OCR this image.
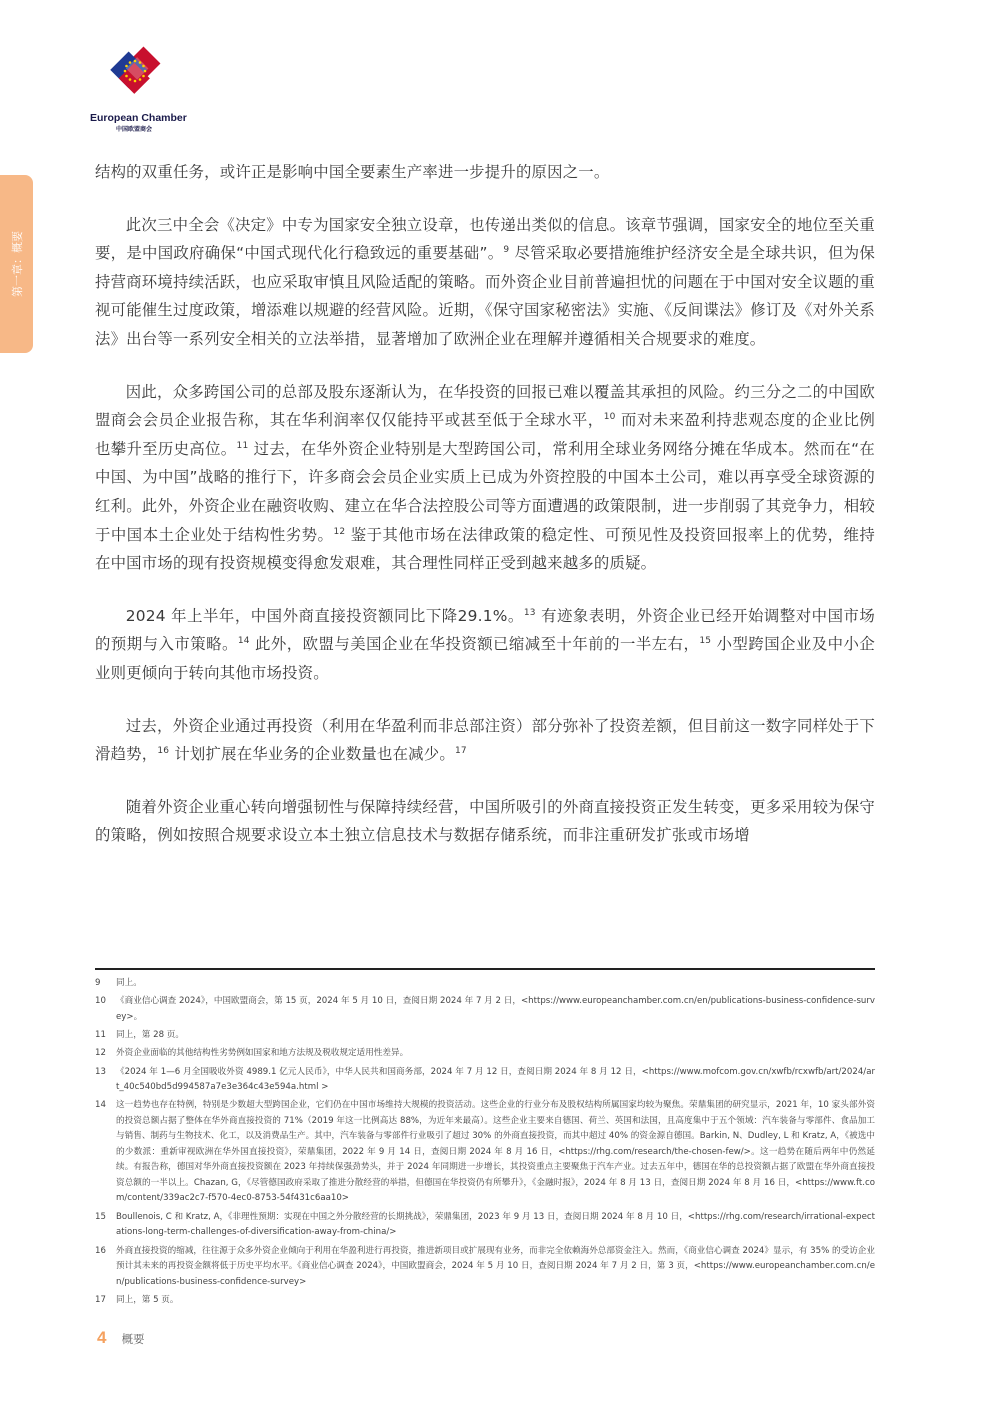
European Chamber
中国欧盟商会
第一章：概要

结构的双重任务，或许正是影响中国全要素生产率进一步提升的原因之一。

此次三中全会《决定》中专为国家安全独立设章，也传递出类似的信息。该章节强调，国家安全的地位至关重要，是中国政府确保“中国式现代化行稳致远的重要基础”。$^9$ 尽管采取必要措施维护经济安全是全球共识，但为保持营商环境持续活跃，也应采取审慎且风险适配的策略。而外资企业目前普遍担忧的问题在于中国对安全议题的重视可能催生过度政策，增添难以规避的经营风险。近期，《保守国家秘密法》实施、《反间谍法》修订及《对外关系法》出台等一系列安全相关的立法举措，显著增加了欧洲企业在理解并遵循相关合规要求的难度。

因此，众多跨国公司的总部及股东逐渐认为，在华投资的回报已难以覆盖其承担的风险。约三分之二的中国欧盟商会会员企业报告称，其在华利润率仅仅能持平或甚至低于全球水平，$^{10}$ 而对未来盈利持悲观态度的企业比例也攀升至历史高位。$^{11}$ 过去，在华外资企业特别是大型跨国公司，常利用全球业务网络分摊在华成本。然而在“在中国、为中国”战略的推行下，许多商会会员企业实质上已成为外资控股的中国本土公司，难以再享受全球资源的红利。此外，外资企业在融资收购、建立在华合法控股公司等方面遭遇的政策限制，进一步削弱了其竞争力，相较于中国本土企业处于结构性劣势。$^{12}$ 鉴于其他市场在法律政策的稳定性、可预见性及投资回报率上的优势，维持在中国市场的现有投资规模变得愈发艰难，其合理性同样正受到越来越多的质疑。

2024 年上半年，中国外商直接投资额同比下降29.1%。$^{13}$ 有迹象表明，外资企业已经开始调整对中国市场的预期与入市策略。$^{14}$ 此外，欧盟与美国企业在华投资额已缩减至十年前的一半左右，$^{15}$ 小型跨国企业及中小企业则更倾向于转向其他市场投资。

过去，外资企业通过再投资（利用在华盈利而非总部注资）部分弥补了投资差额，但目前这一数字同样处于下滑趋势，$^{16}$ 计划扩展在华业务的企业数量也在减少。$^{17}$

随着外资企业重心转向增强韧性与保障持续经营，中国所吸引的外商直接投资正发生转变，更多采用较为保守的策略，例如按照合规要求设立本土独立信息技术与数据存储系统，而非注重研发扩张或市场增

9	同上。
10	《商业信心调查 2024》，中国欧盟商会，第 15 页，2024 年 5 月 10 日，查阅日期 2024 年 7 月 2 日，<https://www.europeanchamber.com.cn/en/publications-business-confidence-survey>。
11	同上，第 28 页。
12	外资企业面临的其他结构性劣势例如国家和地方法规及税收规定适用性差异。
13	《2024 年 1—6 月全国吸收外资 4989.1 亿元人民币》，中华人民共和国商务部，2024 年 7 月 12 日，查阅日期 2024 年 8 月 12 日，<https://www.mofcom.gov.cn/xwfb/rcxwfb/art/2024/art_40c540bd5d994587a7e3e364c43e594a.html >
14	这一趋势也存在特例，特别是少数超大型跨国企业，它们仍在中国市场维持大规模的投资活动。这些企业的行业分布及股权结构所属国家均较为聚焦。荣鼎集团的研究显示，2021 年，10 家头部外资的投资总额占据了整体在华外商直接投资的 71%（2019 年这一比例高达 88%，为近年来最高）。这些企业主要来自德国、荷兰、英国和法国，且高度集中于五个领域：汽车装备与零部件、食品加工与销售、制药与生物技术、化工，以及消费品生产。其中，汽车装备与零部件行业吸引了超过 30% 的外商直接投资，而其中超过 40% 的资金源自德国。Barkin, N、Dudley, L 和 Kratz, A，《被选中的少数派：重新审视欧洲在华外国直接投资》，荣鼎集团，2022 年 9 月 14 日，查阅日期 2024 年 8 月 16 日，<https://rhg.com/research/the-chosen-few/>。这一趋势在随后两年中仍然延续。有报告称，德国对华外商直接投资额在 2023 年持续保强劲势头，并于 2024 年同期进一步增长，其投资重点主要聚焦于汽车产业。过去五年中，德国在华的总投资额占据了欧盟在华外商直接投资总额的一半以上。Chazan, G，《尽管德国政府采取了推进分散经营的举措，但德国在华投资仍有所攀升》，《金融时报》，2024 年 8 月 13 日，查阅日期 2024 年 8 月 16 日，<https://www.ft.com/content/339ac2c7-f570-4ec0-8753-54f431c6aa10>
15	Boullenois, C 和 Kratz, A，《非理性预期：实现在中国之外分散经营的长期挑战》，荣鼎集团，2023 年 9 月 13 日，查阅日期 2024 年 8 月 10 日，<https://rhg.com/research/irrational-expectations-long-term-challenges-of-diversification-away-from-china/>
16	外商直接投资的缩减，往往源于众多外资企业倾向于利用在华盈利进行再投资，推进新项目或扩展现有业务，而非完全依赖海外总部资金注入。然而，《商业信心调查 2024》显示，有 35% 的受访企业预计其未来的再投资金额将低于历史平均水平。《商业信心调查 2024》，中国欧盟商会，2024 年 5 月 10 日，查阅日期 2024 年 7 月 2 日，第 3 页，<https://www.europeanchamber.com.cn/en/publications-business-confidence-survey>
17	同上，第 5 页。
4 概要
